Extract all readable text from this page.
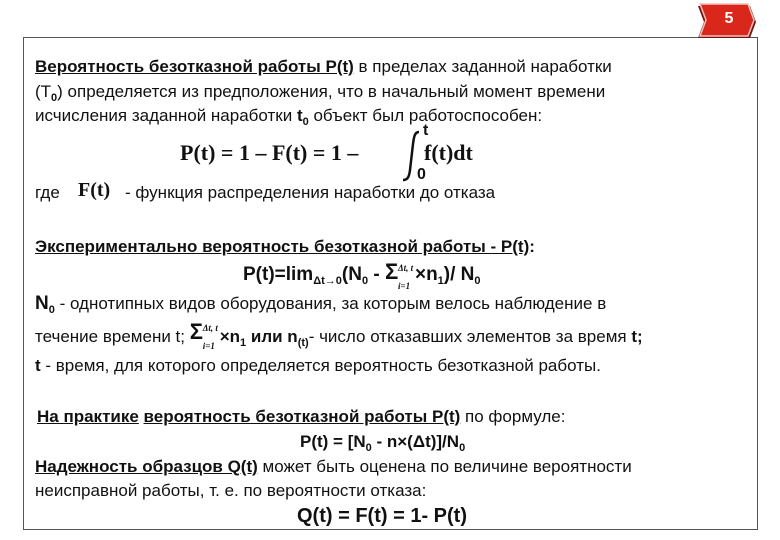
5
Вероятность безотказной работы P(t) в пределах заданной наработки
$(T_0)$ определяется из предположения, что в начальный момент времени
исчисления заданной наработки $t_0$ объект был работоспособен:
P(t) = 1 – F(t) = 1 –
t
0
f(t)dt
где F(t) - функция распределения наработки до отказа
Экспериментально вероятность безотказной работы - P(t):
$P(t)=\lim_{\Delta t\to 0}(N_0 - \Sigma$ Δt, t
i=1
$\times n_1)/$ $N_0$
$N_0$ - однотипных видов оборудования, за которым велось наблюдение в
течение времени t; Σ Δt, t
$i=1 \times n_1$ или $n_{(t)}-$ число отказавших элементов за время t;
t - время, для которого определяется вероятность безотказной работы.
На практике вероятность безотказной работы P(t) по формуле:
$P(t) = [N_0 - n\times(\Delta t)]/N_0$
Надежность образцов Q(t) может быть оценена по величине вероятности
неисправной работы, т. е. по вероятности отказа:
Q(t) = F(t) = 1- P(t)
